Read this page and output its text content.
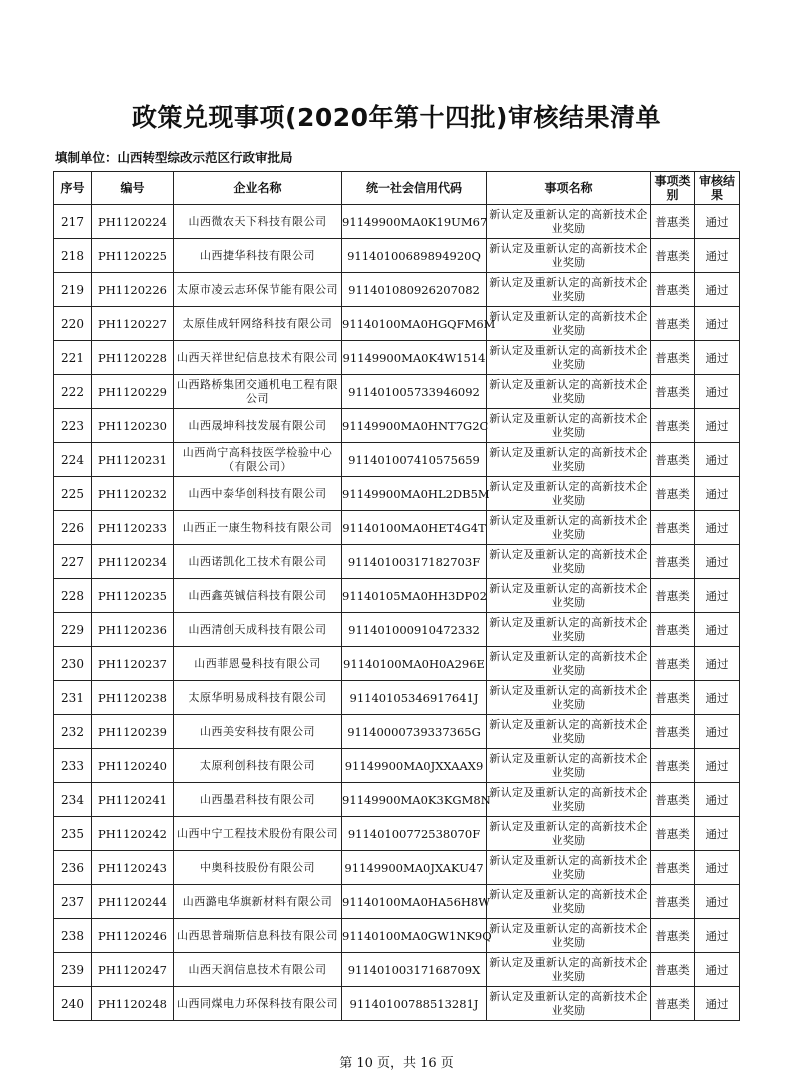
政策兑现事项(2020年第十四批)审核结果清单
填制单位：山西转型综改示范区行政审批局
序号	编号	企业名称	统一社会信用代码	事项名称	事项类别	审核结果
217	PH1120224	山西微农天下科技有限公司	91149900MA0K19UM67	新认定及重新认定的高新技术企业奖励	普惠类	通过
218	PH1120225	山西捷华科技有限公司	91140100689894920Q	新认定及重新认定的高新技术企业奖励	普惠类	通过
219	PH1120226	太原市凌云志环保节能有限公司	911401080926207082	新认定及重新认定的高新技术企业奖励	普惠类	通过
220	PH1120227	太原佳成轩网络科技有限公司	91140100MA0HGQFM6M	新认定及重新认定的高新技术企业奖励	普惠类	通过
221	PH1120228	山西天祥世纪信息技术有限公司	91149900MA0K4W1514	新认定及重新认定的高新技术企业奖励	普惠类	通过
222	PH1120229	山西路桥集团交通机电工程有限公司	911401005733946092	新认定及重新认定的高新技术企业奖励	普惠类	通过
223	PH1120230	山西晟坤科技发展有限公司	91149900MA0HNT7G2C	新认定及重新认定的高新技术企业奖励	普惠类	通过
224	PH1120231	山西尚宁高科技医学检验中心（有限公司）	911401007410575659	新认定及重新认定的高新技术企业奖励	普惠类	通过
225	PH1120232	山西中泰华创科技有限公司	91149900MA0HL2DB5M	新认定及重新认定的高新技术企业奖励	普惠类	通过
226	PH1120233	山西正一康生物科技有限公司	91140100MA0HET4G4T	新认定及重新认定的高新技术企业奖励	普惠类	通过
227	PH1120234	山西诺凯化工技术有限公司	91140100317182703F	新认定及重新认定的高新技术企业奖励	普惠类	通过
228	PH1120235	山西鑫英铖信科技有限公司	91140105MA0HH3DP02	新认定及重新认定的高新技术企业奖励	普惠类	通过
229	PH1120236	山西清创天成科技有限公司	911401000910472332	新认定及重新认定的高新技术企业奖励	普惠类	通过
230	PH1120237	山西菲恩曼科技有限公司	91140100MA0H0A296E	新认定及重新认定的高新技术企业奖励	普惠类	通过
231	PH1120238	太原华明易成科技有限公司	91140105346917641J	新认定及重新认定的高新技术企业奖励	普惠类	通过
232	PH1120239	山西美安科技有限公司	91140000739337365G	新认定及重新认定的高新技术企业奖励	普惠类	通过
233	PH1120240	太原利创科技有限公司	91149900MA0JXXAAX9	新认定及重新认定的高新技术企业奖励	普惠类	通过
234	PH1120241	山西墨君科技有限公司	91149900MA0K3KGM8N	新认定及重新认定的高新技术企业奖励	普惠类	通过
235	PH1120242	山西中宁工程技术股份有限公司	91140100772538070F	新认定及重新认定的高新技术企业奖励	普惠类	通过
236	PH1120243	中奥科技股份有限公司	91149900MA0JXAKU47	新认定及重新认定的高新技术企业奖励	普惠类	通过
237	PH1120244	山西潞电华旗新材料有限公司	91140100MA0HA56H8W	新认定及重新认定的高新技术企业奖励	普惠类	通过
238	PH1120246	山西思普瑞斯信息科技有限公司	91140100MA0GW1NK9Q	新认定及重新认定的高新技术企业奖励	普惠类	通过
239	PH1120247	山西天润信息技术有限公司	91140100317168709X	新认定及重新认定的高新技术企业奖励	普惠类	通过
240	PH1120248	山西同煤电力环保科技有限公司	91140100788513281J	新认定及重新认定的高新技术企业奖励	普惠类	通过
第 10 页，共 16 页
